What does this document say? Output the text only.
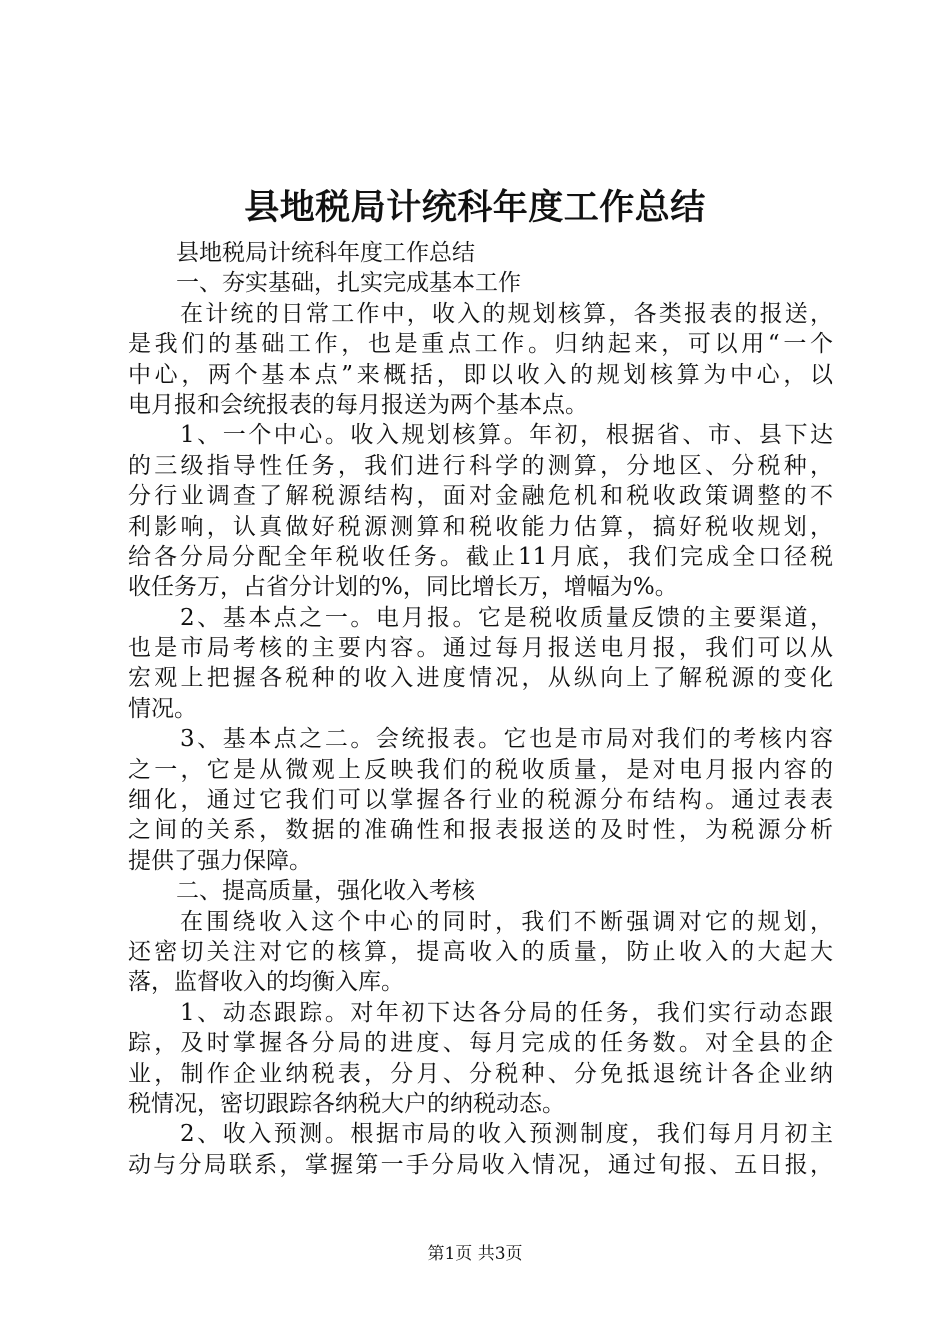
县地税局计统科年度工作总结
县地税局计统科年度工作总结
一、夯实基础，扎实完成基本工作
在计统的日常工作中，收入的规划核算，各类报表的报送，
是我们的基础工作，也是重点工作。归纳起来，可以用“一个
中心，两个基本点”来概括，即以收入的规划核算为中心，以
电月报和会统报表的每月报送为两个基本点。
1、一个中心。收入规划核算。年初，根据省、市、县下达
的三级指导性任务，我们进行科学的测算，分地区、分税种，
分行业调查了解税源结构，面对金融危机和税收政策调整的不
利影响，认真做好税源测算和税收能力估算，搞好税收规划，
给各分局分配全年税收任务。截止11月底，我们完成全口径税
收任务万，占省分计划的%，同比增长万，增幅为%。
2、基本点之一。电月报。它是税收质量反馈的主要渠道，
也是市局考核的主要内容。通过每月报送电月报，我们可以从
宏观上把握各税种的收入进度情况，从纵向上了解税源的变化
情况。
3、基本点之二。会统报表。它也是市局对我们的考核内容
之一，它是从微观上反映我们的税收质量，是对电月报内容的
细化，通过它我们可以掌握各行业的税源分布结构。通过表表
之间的关系，数据的准确性和报表报送的及时性，为税源分析
提供了强力保障。
二、提高质量，强化收入考核
在围绕收入这个中心的同时，我们不断强调对它的规划，
还密切关注对它的核算，提高收入的质量，防止收入的大起大
落，监督收入的均衡入库。
1、动态跟踪。对年初下达各分局的任务，我们实行动态跟
踪，及时掌握各分局的进度、每月完成的任务数。对全县的企
业，制作企业纳税表，分月、分税种、分免抵退统计各企业纳
税情况，密切跟踪各纳税大户的纳税动态。
2、收入预测。根据市局的收入预测制度，我们每月月初主
动与分局联系，掌握第一手分局收入情况，通过旬报、五日报，
第1页 共3页
